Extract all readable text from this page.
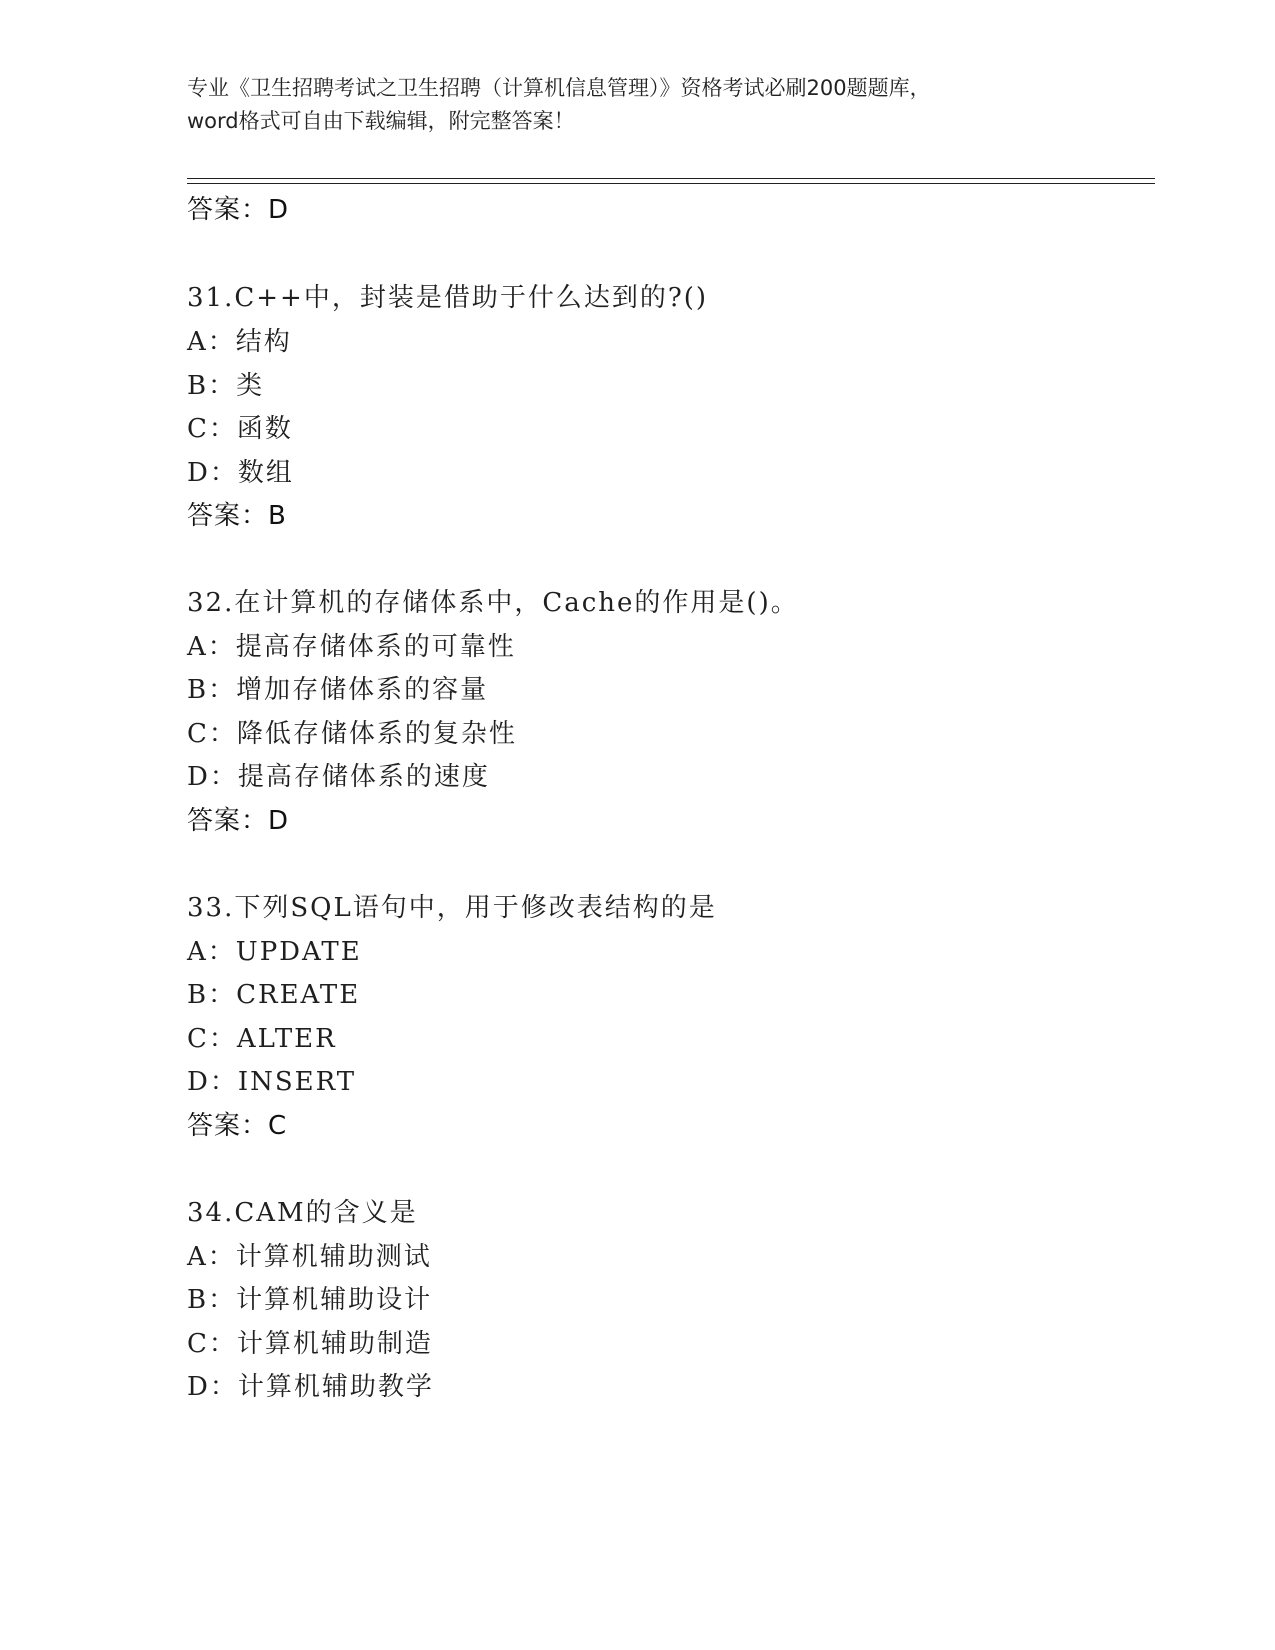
专业《卫生招聘考试之卫生招聘（计算机信息管理）》资格考试必刷200题题库，
word格式可自由下载编辑，附完整答案！
答案：D
31.C++中，封装是借助于什么达到的?()
A：结构
B：类
C：函数
D：数组
答案：B
32.在计算机的存储体系中，Cache的作用是()。
A：提高存储体系的可靠性
B：增加存储体系的容量
C：降低存储体系的复杂性
D：提高存储体系的速度
答案：D
33.下列SQL语句中，用于修改表结构的是
A：UPDATE
B：CREATE
C：ALTER
D：INSERT
答案：C
34.CAM的含义是
A：计算机辅助测试
B：计算机辅助设计
C：计算机辅助制造
D：计算机辅助教学
